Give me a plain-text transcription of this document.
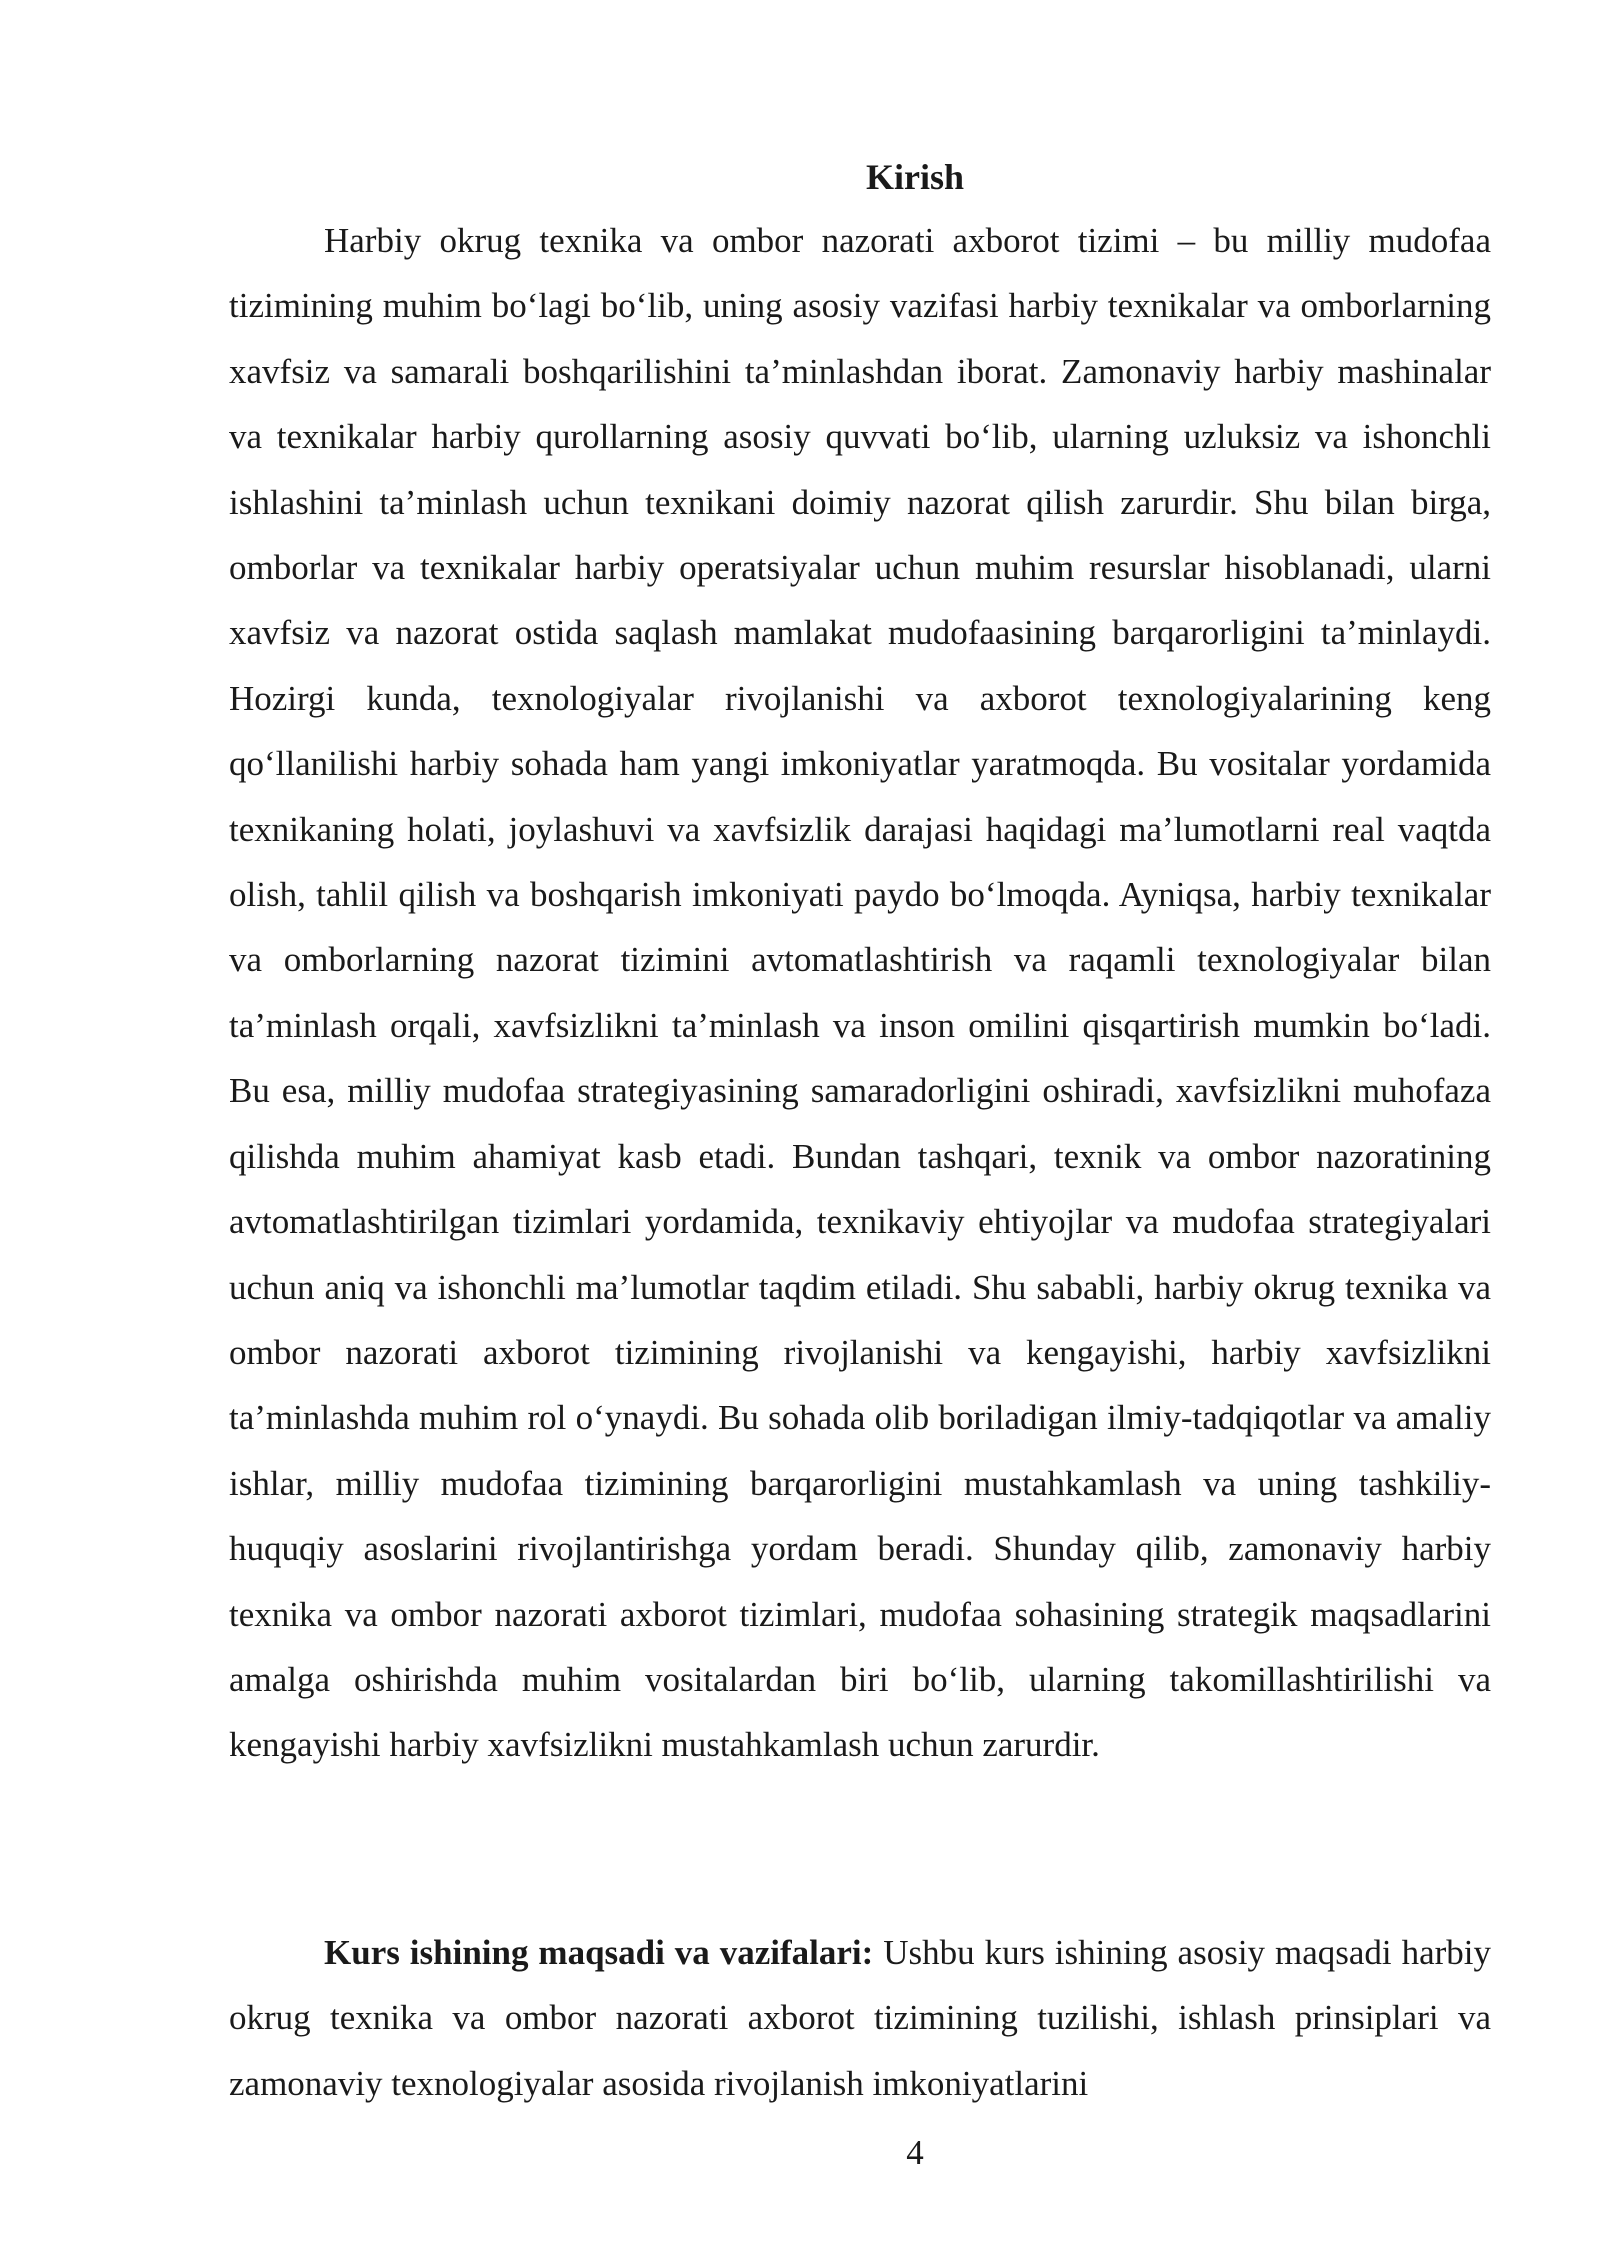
Kirish

Harbiy okrug texnika va ombor nazorati axborot tizimi – bu milliy mudofaa tizimining muhim bo‘lagi bo‘lib, uning asosiy vazifasi harbiy texnikalar va omborlarning xavfsiz va samarali boshqarilishini ta’minlashdan iborat. Zamonaviy harbiy mashinalar va texnikalar harbiy qurollarning asosiy quvvati bo‘lib, ularning uzluksiz va ishonchli ishlashini ta’minlash uchun texnikani doimiy nazorat qilish zarurdir. Shu bilan birga, omborlar va texnikalar harbiy operatsiyalar uchun muhim resurslar hisoblanadi, ularni xavfsiz va nazorat ostida saqlash mamlakat mudofaasining barqarorligini ta’minlaydi. Hozirgi kunda, texnologiyalar rivojlanishi va axborot texnologiyalarining keng qo‘llanilishi harbiy sohada ham yangi imkoniyatlar yaratmoqda. Bu vositalar yordamida texnikaning holati, joylashuvi va xavfsizlik darajasi haqidagi ma’lumotlarni real vaqtda olish, tahlil qilish va boshqarish imkoniyati paydo bo‘lmoqda. Ayniqsa, harbiy texnikalar va omborlarning nazorat tizimini avtomatlashtirish va raqamli texnologiyalar bilan ta’minlash orqali, xavfsizlikni ta’minlash va inson omilini qisqartirish mumkin bo‘ladi. Bu esa, milliy mudofaa strategiyasining samaradorligini oshiradi, xavfsizlikni muhofaza qilishda muhim ahamiyat kasb etadi. Bundan tashqari, texnik va ombor nazoratining avtomatlashtirilgan tizimlari yordamida, texnikaviy ehtiyojlar va mudofaa strategiyalari uchun aniq va ishonchli ma’lumotlar taqdim etiladi. Shu sababli, harbiy okrug texnika va ombor nazorati axborot tizimining rivojlanishi va kengayishi, harbiy xavfsizlikni ta’minlashda muhim rol o‘ynaydi. Bu sohada olib boriladigan ilmiy-tadqiqotlar va amaliy ishlar, milliy mudofaa tizimining barqarorligini mustahkamlash va uning tashkiliy-huquqiy asoslarini rivojlantirishga yordam beradi. Shunday qilib, zamonaviy harbiy texnika va ombor nazorati axborot tizimlari, mudofaa sohasining strategik maqsadlarini amalga oshirishda muhim vositalardan biri bo‘lib, ularning takomillashtirilishi va kengayishi harbiy xavfsizlikni mustahkamlash uchun zarurdir.

Kurs ishining maqsadi va vazifalari: Ushbu kurs ishining asosiy maqsadi harbiy okrug texnika va ombor nazorati axborot tizimining tuzilishi, ishlash prinsiplari va zamonaviy texnologiyalar asosida rivojlanish imkoniyatlarini

4
